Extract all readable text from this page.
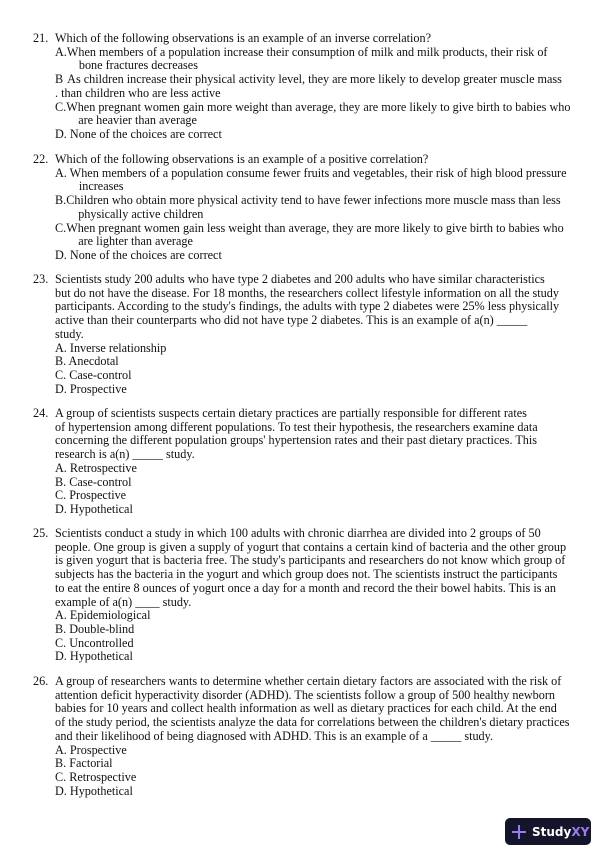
21. Which of the following observations is an example of an inverse correlation?
A. When members of a population increase their consumption of milk and milk products, their risk of
bone fractures decreases
B As children increase their physical activity level, they are more likely to develop greater muscle mass
. than children who are less active
C. When pregnant women gain more weight than average, they are more likely to give birth to babies who
are heavier than average
D. None of the choices are correct
22. Which of the following observations is an example of a positive correlation?
A. When members of a population consume fewer fruits and vegetables, their risk of high blood pressure
increases
B. Children who obtain more physical activity tend to have fewer infections more muscle mass than less
physically active children
C. When pregnant women gain less weight than average, they are more likely to give birth to babies who
are lighter than average
D. None of the choices are correct
23. Scientists study 200 adults who have type 2 diabetes and 200 adults who have similar characteristics
but do not have the disease. For 18 months, the researchers collect lifestyle information on all the study
participants. According to the study's findings, the adults with type 2 diabetes were 25% less physically
active than their counterparts who did not have type 2 diabetes. This is an example of a(n) _____
study.
A. Inverse relationship
B. Anecdotal
C. Case-control
D. Prospective
24. A group of scientists suspects certain dietary practices are partially responsible for different rates
of hypertension among different populations. To test their hypothesis, the researchers examine data
concerning the different population groups' hypertension rates and their past dietary practices. This
research is a(n) _____ study.
A. Retrospective
B. Case-control
C. Prospective
D. Hypothetical
25. Scientists conduct a study in which 100 adults with chronic diarrhea are divided into 2 groups of 50
people. One group is given a supply of yogurt that contains a certain kind of bacteria and the other group
is given yogurt that is bacteria free. The study's participants and researchers do not know which group of
subjects has the bacteria in the yogurt and which group does not. The scientists instruct the participants
to eat the entire 8 ounces of yogurt once a day for a month and record the their bowel habits. This is an
example of a(n) ____ study.
A. Epidemiological
B. Double-blind
C. Uncontrolled
D. Hypothetical
26. A group of researchers wants to determine whether certain dietary factors are associated with the risk of
attention deficit hyperactivity disorder (ADHD). The scientists follow a group of 500 healthy newborn
babies for 10 years and collect health information as well as dietary practices for each child. At the end
of the study period, the scientists analyze the data for correlations between the children's dietary practices
and their likelihood of being diagnosed with ADHD. This is an example of a _____ study.
A. Prospective
B. Factorial
C. Retrospective
D. Hypothetical
Study XY
